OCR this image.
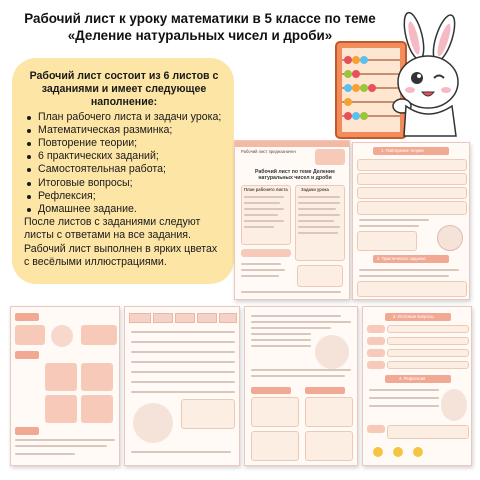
Рабочий лист к уроку математики в 5 классе по теме «Деление натуральных чисел и дроби»
Рабочий лист состоит из 6 листов с заданиями и имеет следующее наполнение:
План рабочего листа и задачи урока;
Математическая разминка;
Повторение теории;
6 практических заданий;
Самостоятельная работа;
Итоговые вопросы;
Рефлексия;
Домашнее задание.
После листов с заданиями следуют листы с ответами на все задания. Рабочий лист выполнен в ярких цветах с весёлыми иллюстрациями.
Рабочий лист предназначен
Рабочий лист по теме Деление натуральных чисел и дроби
План рабочего листа	Задачи урока
1. Повторение теории
2. Практическое задание
3. Итоговые вопросы
4. Рефлексия
